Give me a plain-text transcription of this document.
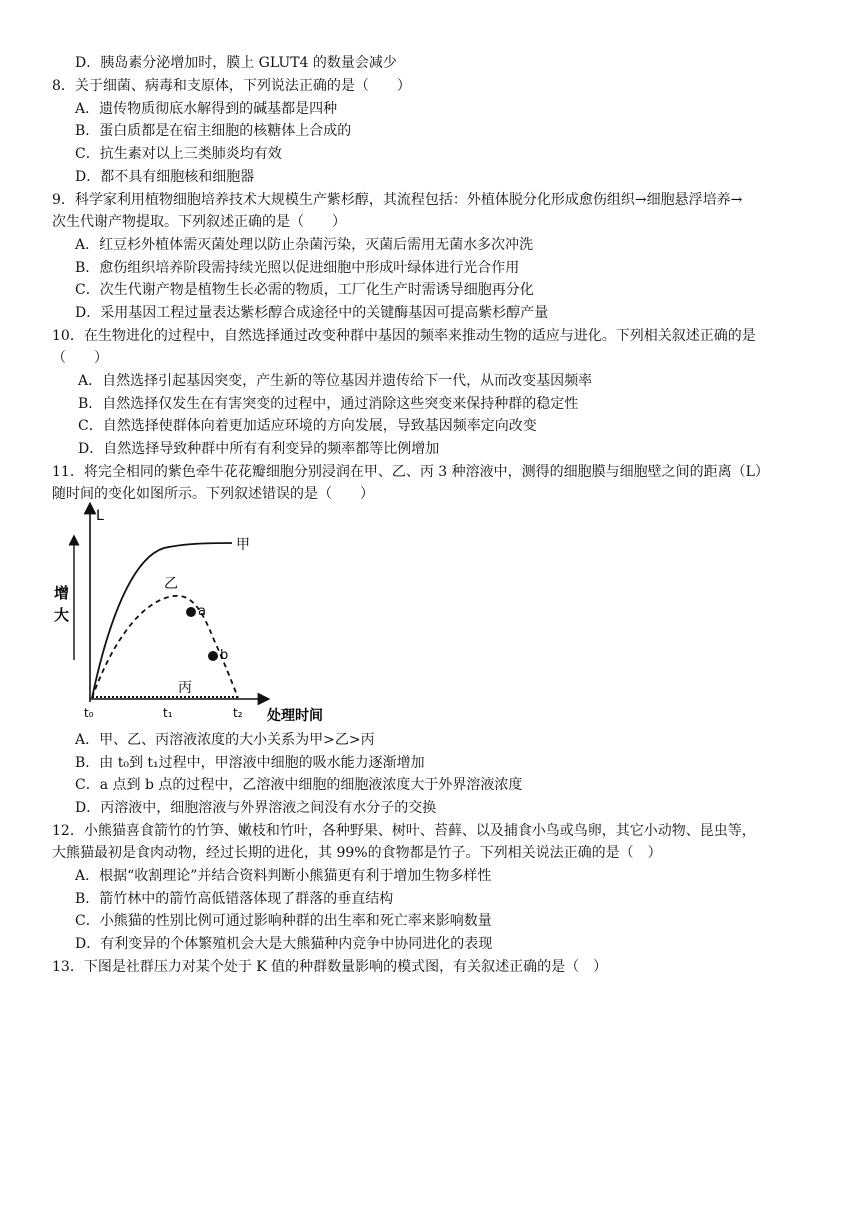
D．胰岛素分泌增加时，膜上 GLUT4 的数量会减少
8．关于细菌、病毒和支原体，下列说法正确的是（　　）
A．遗传物质彻底水解得到的碱基都是四种
B．蛋白质都是在宿主细胞的核糖体上合成的
C．抗生素对以上三类肺炎均有效
D．都不具有细胞核和细胞器
9．科学家利用植物细胞培养技术大规模生产紫杉醇，其流程包括：外植体脱分化形成愈伤组织→细胞悬浮培养→
次生代谢产物提取。下列叙述正确的是（　　）
A．红豆杉外植体需灭菌处理以防止杂菌污染，灭菌后需用无菌水多次冲洗
B．愈伤组织培养阶段需持续光照以促进细胞中形成叶绿体进行光合作用
C．次生代谢产物是植物生长必需的物质，工厂化生产时需诱导细胞再分化
D．采用基因工程过量表达紫杉醇合成途径中的关键酶基因可提高紫杉醇产量
10．在生物进化的过程中，自然选择通过改变种群中基因的频率来推动生物的适应与进化。下列相关叙述正确的是
（　　）
A．自然选择引起基因突变，产生新的等位基因并遗传给下一代，从而改变基因频率
B．自然选择仅发生在有害突变的过程中，通过消除这些突变来保持种群的稳定性
C．自然选择使群体向着更加适应环境的方向发展，导致基因频率定向改变
D．自然选择导致种群中所有有利变异的频率都等比例增加
11．将完全相同的紫色牵牛花花瓣细胞分别浸润在甲、乙、丙 3 种溶液中，测得的细胞膜与细胞壁之间的距离（L）
随时间的变化如图所示。下列叙述错误的是（　　）
L
增
大
甲
乙
a
b
丙
t₀	t₁	t₂ 处理时间
A．甲、乙、丙溶液浓度的大小关系为甲>乙>丙
B．由 t₀到 t₁过程中，甲溶液中细胞的吸水能力逐渐增加
C．a 点到 b 点的过程中，乙溶液中细胞的细胞液浓度大于外界溶液浓度
D．丙溶液中，细胞溶液与外界溶液之间没有水分子的交换
12．小熊猫喜食箭竹的竹笋、嫩枝和竹叶，各种野果、树叶、苔藓、以及捕食小鸟或鸟卵，其它小动物、昆虫等，
大熊猫最初是食肉动物，经过长期的进化，其 99%的食物都是竹子。下列相关说法正确的是（　）
A．根据“收割理论”并结合资料判断小熊猫更有利于增加生物多样性
B．箭竹林中的箭竹高低错落体现了群落的垂直结构
C．小熊猫的性别比例可通过影响种群的出生率和死亡率来影响数量
D．有利变异的个体繁殖机会大是大熊猫种内竞争中协同进化的表现
13．下图是社群压力对某个处于 K 值的种群数量影响的模式图，有关叙述正确的是（　）
